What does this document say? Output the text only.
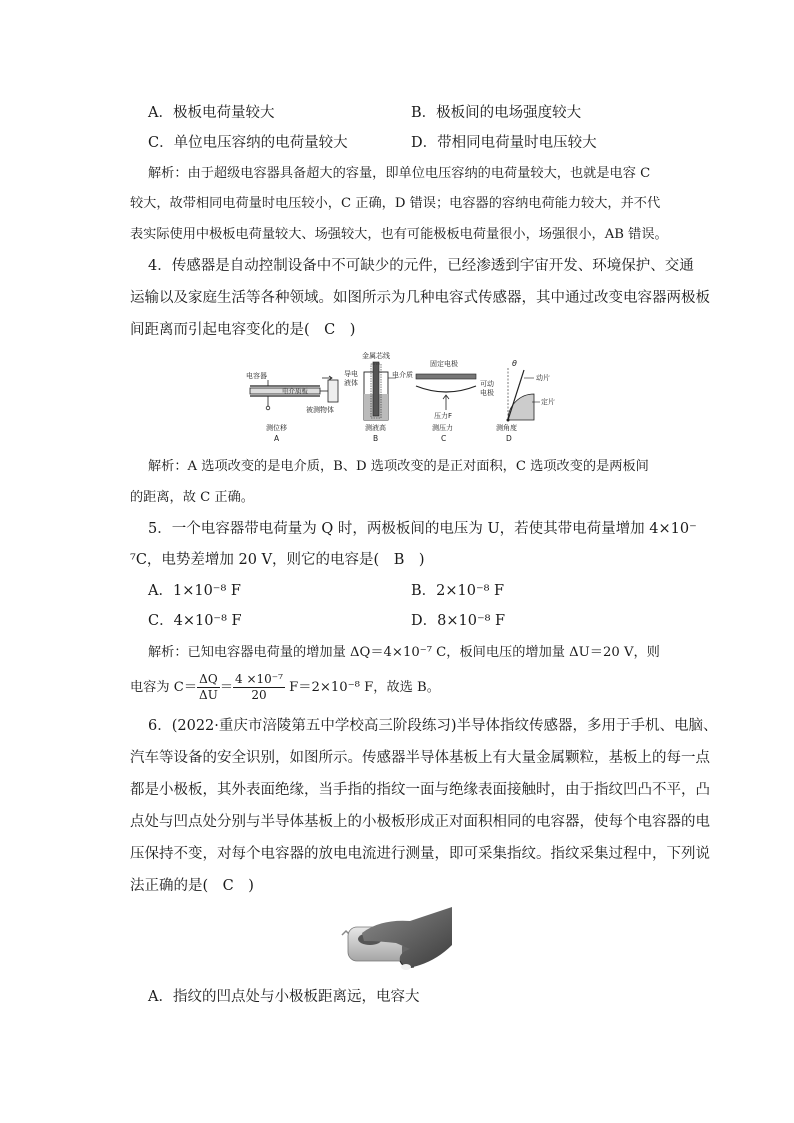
A．极板电荷量较大	B．极板间的电场强度较大
C．单位电压容纳的电荷量较大	D．带相同电荷量时电压较大
解析：由于超级电容器具备超大的容量，即单位电压容纳的电荷量较大，也就是电容 C
较大，故带相同电荷量时电压较小，C 正确，D 错误；电容器的容纳电荷能力较大，并不代
表实际使用中极板电荷量较大、场强较大，也有可能极板电荷量很小，场强很小，AB 错误。
4．传感器是自动控制设备中不可缺少的元件，已经渗透到宇宙开发、环境保护、交通
运输以及家庭生活等各种领域。如图所示为几种电容式传感器，其中通过改变电容器两极板
间距离而引起电容变化的是(　C　)
电容器
电介质板
被测物体
测位移
A
金属芯线
导电
液体
电介质
测液高
B
固定电极
可动
电极
压力F
测压力
C
θ
动片
定片
测角度
D
解析：A 选项改变的是电介质，B、D 选项改变的是正对面积，C 选项改变的是两板间
的距离，故 C 正确。
5．一个电容器带电荷量为 Q 时，两极板间的电压为 U，若使其带电荷量增加 4×10⁻
⁷C，电势差增加 20 V，则它的电容是(　B　)
A．1×10⁻⁸ F	B．2×10⁻⁸ F
C．4×10⁻⁸ F	D．8×10⁻⁸ F
解析：已知电容器电荷量的增加量 ΔQ＝4×10⁻⁷ C，板间电压的增加量 ΔU＝20 V，则
电容为 $C= \frac{\Delta Q}{\Delta U} = \frac{\text{4 ×10⁻⁷}}{20} F=2\times 10^{-8}$ F，故选 B。
6．(2022·重庆市涪陵第五中学校高三阶段练习)半导体指纹传感器，多用于手机、电脑、
汽车等设备的安全识别，如图所示。传感器半导体基板上有大量金属颗粒，基板上的每一点
都是小极板，其外表面绝缘，当手指的指纹一面与绝缘表面接触时，由于指纹凹凸不平，凸
点处与凹点处分别与半导体基板上的小极板形成正对面积相同的电容器，使每个电容器的电
压保持不变，对每个电容器的放电电流进行测量，即可采集指纹。指纹采集过程中，下列说
法正确的是(　C　)
A．指纹的凹点处与小极板距离远，电容大
